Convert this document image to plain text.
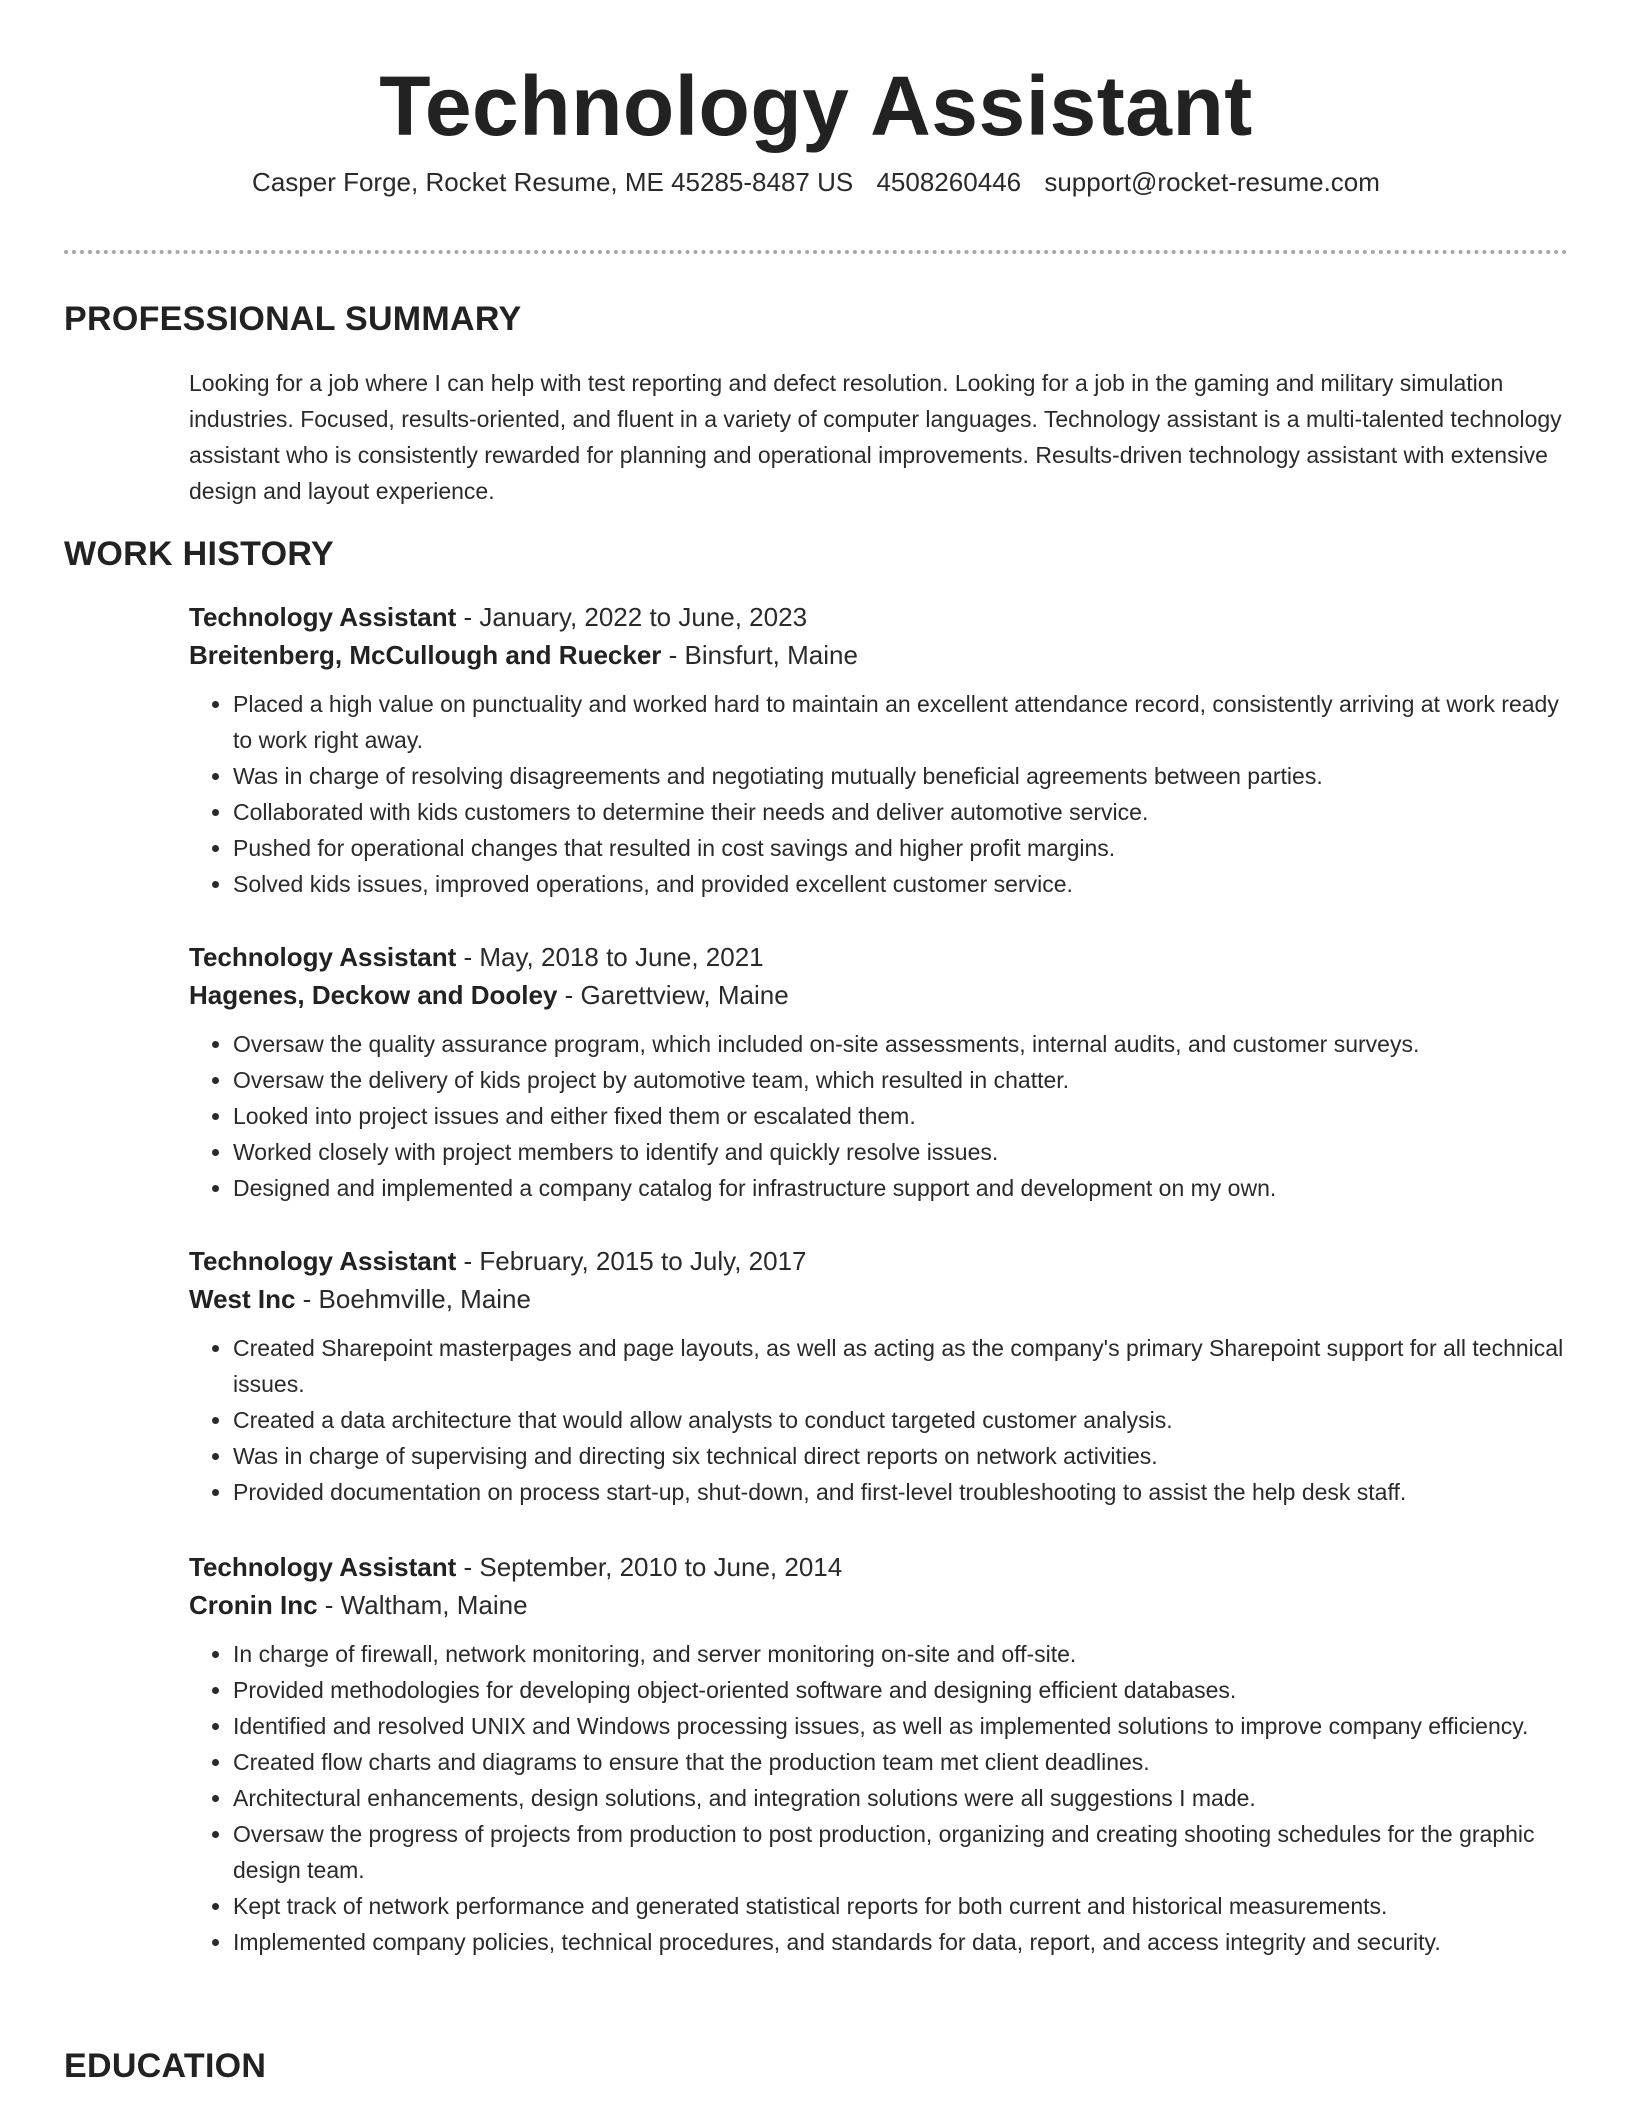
Technology Assistant
Casper Forge, Rocket Resume, ME 45285-8487 US 4508260446 support@rocket-resume.com
PROFESSIONAL SUMMARY
Looking for a job where I can help with test reporting and defect resolution. Looking for a job in the gaming and military simulation industries. Focused, results-oriented, and fluent in a variety of computer languages. Technology assistant is a multi-talented technology assistant who is consistently rewarded for planning and operational improvements. Results-driven technology assistant with extensive design and layout experience.
WORK HISTORY
Technology Assistant - January, 2022 to June, 2023
Breitenberg, McCullough and Ruecker - Binsfurt, Maine
• Placed a high value on punctuality and worked hard to maintain an excellent attendance record, consistently arriving at work ready to work right away.
• Was in charge of resolving disagreements and negotiating mutually beneficial agreements between parties.
• Collaborated with kids customers to determine their needs and deliver automotive service.
• Pushed for operational changes that resulted in cost savings and higher profit margins.
• Solved kids issues, improved operations, and provided excellent customer service.
Technology Assistant - May, 2018 to June, 2021
Hagenes, Deckow and Dooley - Garettview, Maine
• Oversaw the quality assurance program, which included on-site assessments, internal audits, and customer surveys.
• Oversaw the delivery of kids project by automotive team, which resulted in chatter.
• Looked into project issues and either fixed them or escalated them.
• Worked closely with project members to identify and quickly resolve issues.
• Designed and implemented a company catalog for infrastructure support and development on my own.
Technology Assistant - February, 2015 to July, 2017
West Inc - Boehmville, Maine
• Created Sharepoint masterpages and page layouts, as well as acting as the company's primary Sharepoint support for all technical issues.
• Created a data architecture that would allow analysts to conduct targeted customer analysis.
• Was in charge of supervising and directing six technical direct reports on network activities.
• Provided documentation on process start-up, shut-down, and first-level troubleshooting to assist the help desk staff.
Technology Assistant - September, 2010 to June, 2014
Cronin Inc - Waltham, Maine
• In charge of firewall, network monitoring, and server monitoring on-site and off-site.
• Provided methodologies for developing object-oriented software and designing efficient databases.
• Identified and resolved UNIX and Windows processing issues, as well as implemented solutions to improve company efficiency.
• Created flow charts and diagrams to ensure that the production team met client deadlines.
• Architectural enhancements, design solutions, and integration solutions were all suggestions I made.
• Oversaw the progress of projects from production to post production, organizing and creating shooting schedules for the graphic design team.
• Kept track of network performance and generated statistical reports for both current and historical measurements.
• Implemented company policies, technical procedures, and standards for data, report, and access integrity and security.
EDUCATION
